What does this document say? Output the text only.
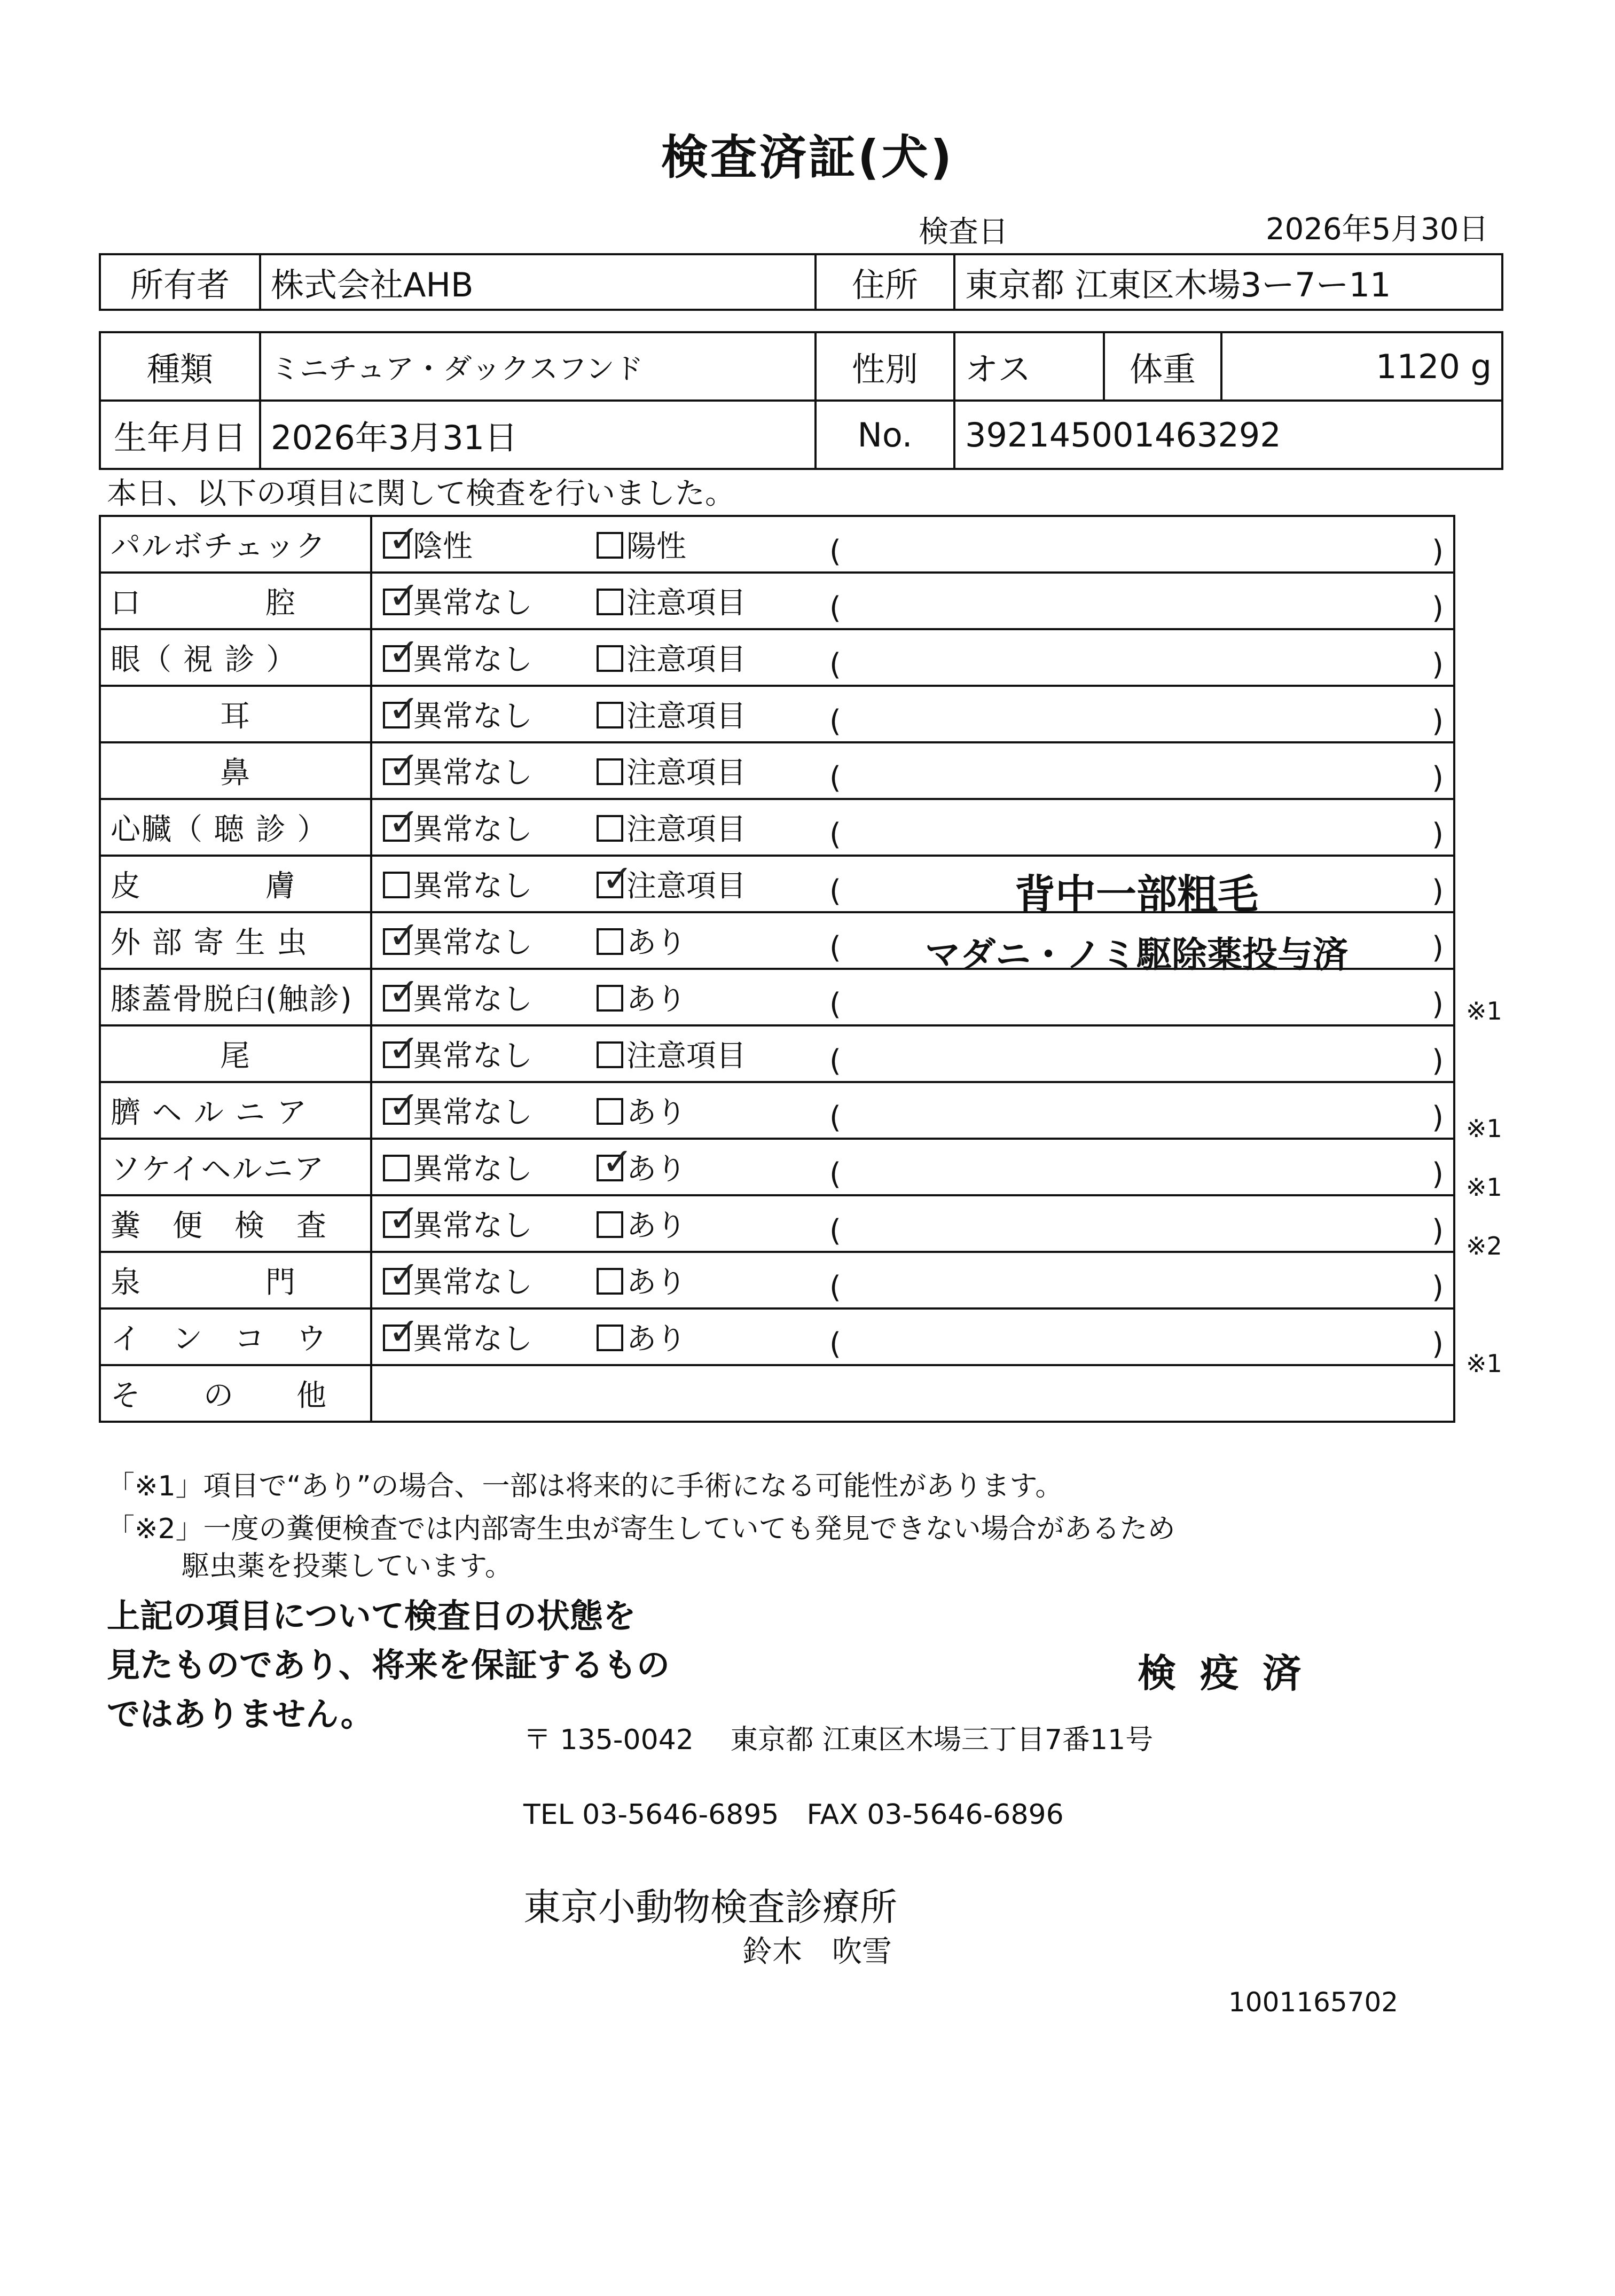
検査済証(犬)
検査日	2026年5月30日
所有者	株式会社AHB	住所	東京都 江東区木場3ー7ー11
種類	ミニチュア・ダックスフンド	性別	オス	体重	1120 g
生年月日	2026年3月31日	No.	392145001463292		
本日、以下の項目に関して検査を行いました。
パルボチェック	✓陰性 陽性	( )

口　　　　腔	✓異常なし 注意項目	( )

眼（ 視 診 ）	✓異常なし 注意項目	( )

耳	✓異常なし 注意項目	( )

鼻	✓異常なし 注意項目	( )

心臓（ 聴 診 ）	✓異常なし 注意項目	( )

皮　　　　膚	異常なし ✓ 注意項目	( )
背中一部粗毛

外 部 寄 生 虫	✓異常なし あり	( )
マダニ・ノミ駆除薬投与済

膝蓋骨脱臼(触診)	✓異常なし あり	( )

尾	✓異常なし 注意項目	( )

臍 ヘ ル ニ ア	✓異常なし あり	( )

ソケイヘルニア	異常なし ✓ あり	( )

糞　便　検　査	✓異常なし あり	( )

泉　　　　門	✓異常なし あり	( )

イ　ン　コ　ウ	✓異常なし あり	( )

そ　　の　　他		
※1
※1
※1
※2
※1
「※1」項目で“あり”の場合、一部は将来的に手術になる可能性があります。
「※2」一度の糞便検査では内部寄生虫が寄生していても発見できない場合があるため
駆虫薬を投薬しています。
上記の項目について検査日の状態を
見たものであり、将来を保証するもの
ではありません。
検 疫 済
〒 135-0042　 東京都 江東区木場三丁目7番11号
TEL 03-5646-6895　FAX 03-5646-6896
東京小動物検査診療所
鈴木　吹雪
1001165702
